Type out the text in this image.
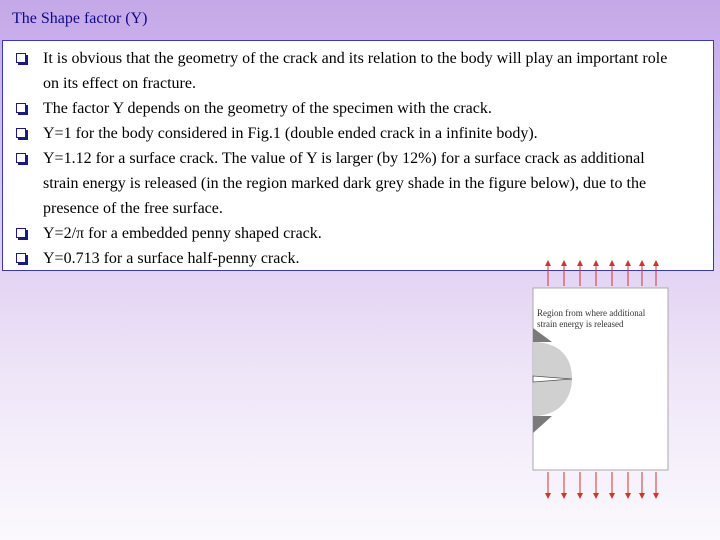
The Shape factor (Y)
It is obvious that the geometry of the crack and its relation to the body will play an important role on its effect on fracture.
The factor Y depends on the geometry of the specimen with the crack.
Y=1 for the body considered in Fig.1 (double ended crack in a infinite body).
Y=1.12 for a surface crack. The value of Y is larger (by 12%) for a surface crack as additional strain energy is released (in the region marked dark grey shade in the figure below), due to the presence of the free surface.
Y=2/π for a embedded penny shaped crack.
Y=0.713 for a surface half-penny crack.
Region from where additional strain energy is released
